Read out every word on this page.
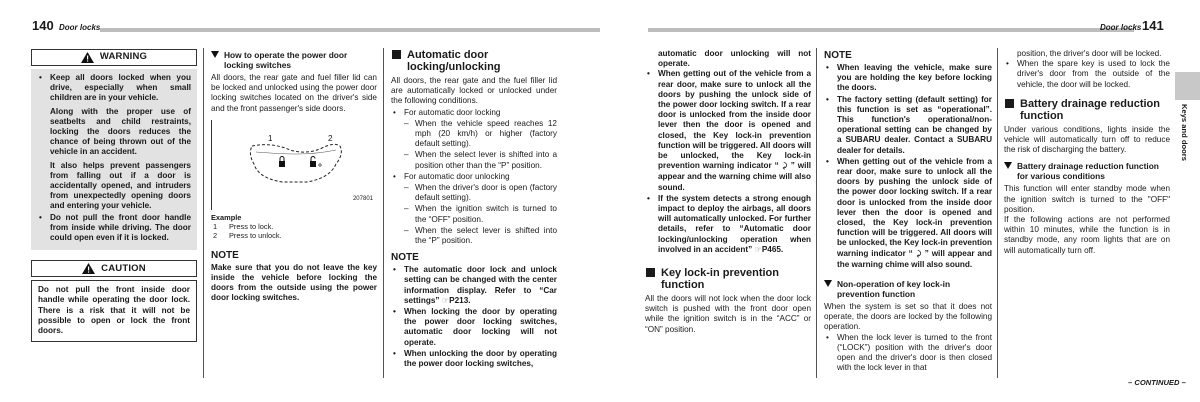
140 Door locks
WARNING

• Keep all doors locked when you drive, especially when small children are in your vehicle.

Along with the proper use of seatbelts and child restraints, locking the doors reduces the chance of being thrown out of the vehicle in an accident.

It also helps prevent passengers from falling out if a door is accidentally opened, and intruders from unexpectedly opening doors and entering your vehicle.

• Do not pull the front door handle from inside while driving. The door could open even if it is locked.

CAUTION

Do not pull the front inside door handle while operating the door lock. There is a risk that it will not be possible to open or lock the front doors.

How to operate the power door locking switches

All doors, the rear gate and fuel filler lid can be locked and unlocked using the power door locking switches located on the driver's side and the front passenger's side doors.

1	2
207801
Example
1	Press to lock.
2	Press to unlock.
NOTE

Make sure that you do not leave the key inside the vehicle before locking the doors from the outside using the power door locking switches.

Automatic door locking/unlocking

All doors, the rear gate and the fuel filler lid are automatically locked or unlocked under the following conditions.

• For automatic door locking

– When the vehicle speed reaches 12 mph (20 km/h) or higher (factory default setting).

– When the select lever is shifted into a position other than the “P” position.

• For automatic door unlocking

– When the driver's door is open (factory default setting).

– When the ignition switch is turned to the “OFF” position.

– When the select lever is shifted into the “P” position.

NOTE

• The automatic door lock and unlock setting can be changed with the center information display. Refer to “Car settings” ☞P213.

• When locking the door by operating the power door locking switches, automatic door locking will not operate.

• When unlocking the door by operating the power door locking switches,

Door locks 141

automatic door unlocking will not operate.

• When getting out of the vehicle from a rear door, make sure to unlock all the doors by pushing the unlock side of the power door locking switch. If a rear door is unlocked from the inside door lever then the door is opened and closed, the Key lock-in prevention function will be triggered. All doors will be unlocked, the Key lock-in prevention warning indicator “ ⤸ ” will appear and the warning chime will also sound.

• If the system detects a strong enough impact to deploy the airbags, all doors will automatically unlocked. For further details, refer to “Automatic door locking/unlocking operation when involved in an accident” ☞P465.

Key lock-in prevention function

All the doors will not lock when the door lock switch is pushed with the front door open while the ignition switch is in the “ACC” or “ON” position.

NOTE

• When leaving the vehicle, make sure you are holding the key before locking the doors.

• The factory setting (default setting) for this function is set as “operational”. This function's operational/non-operational setting can be changed by a SUBARU dealer. Contact a SUBARU dealer for details.

• When getting out of the vehicle from a rear door, make sure to unlock all the doors by pushing the unlock side of the power door locking switch. If a rear door is unlocked from the inside door lever then the door is opened and closed, the Key lock-in prevention function will be triggered. All doors will be unlocked, the Key lock-in prevention warning indicator “ ⤸ ” will appear and the warning chime will also sound.

Non-operation of key lock-in prevention function

When the system is set so that it does not operate, the doors are locked by the following operation.

• When the lock lever is turned to the front (“LOCK”) position with the driver's door open and the driver's door is then closed with the lock lever in that

position, the driver's door will be locked.

• When the spare key is used to lock the driver's door from the outside of the vehicle, the door will be locked.

Battery drainage reduction function

Under various conditions, lights inside the vehicle will automatically turn off to reduce the risk of discharging the battery.

Battery drainage reduction function for various conditions

This function will enter standby mode when the ignition switch is turned to the "OFF" position.

If the following actions are not performed within 10 minutes, while the function is in standby mode, any room lights that are on will automatically turn off.

Keys and doors
– CONTINUED –
